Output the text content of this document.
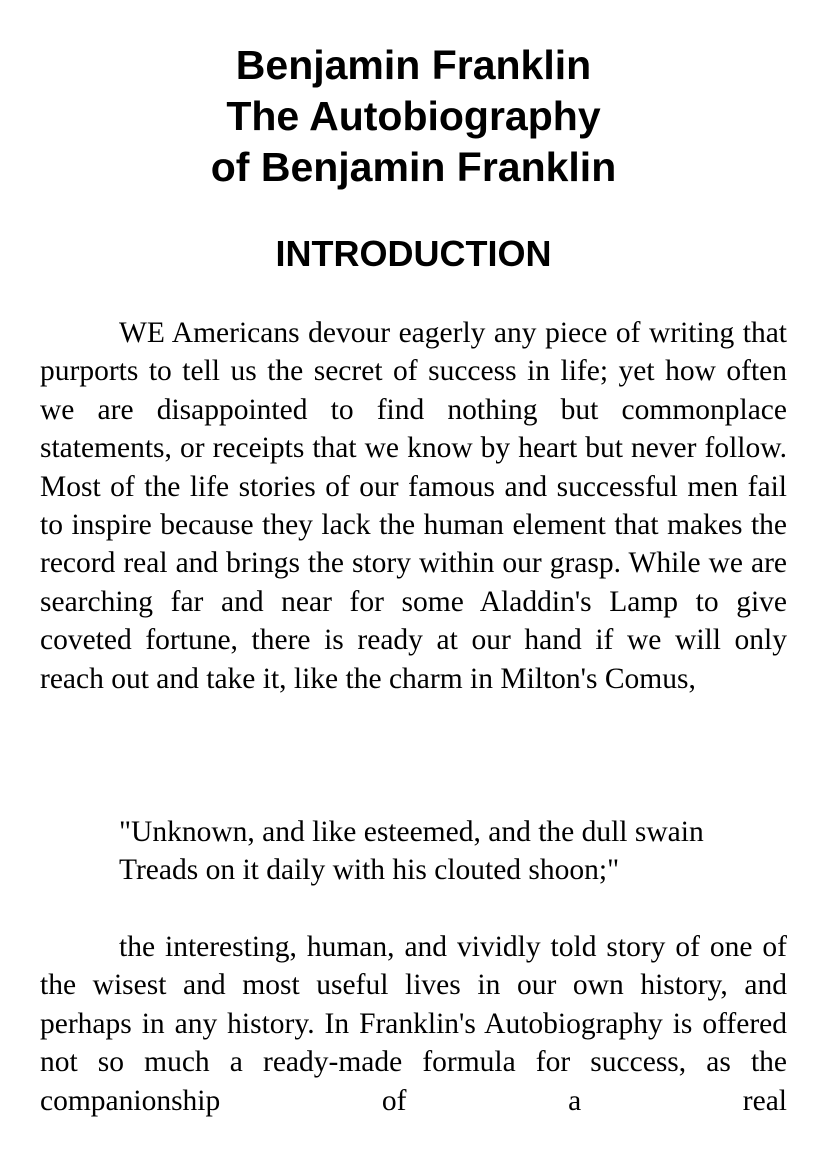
Benjamin Franklin
The Autobiography
of Benjamin Franklin
INTRODUCTION

WE Americans devour eagerly any piece of writing that purports to tell us the secret of success in life; yet how often we are disappointed to find nothing but commonplace statements, or receipts that we know by heart but never follow. Most of the life stories of our famous and successful men fail to inspire because they lack the human element that makes the record real and brings the story within our grasp. While we are searching far and near for some Aladdin's Lamp to give coveted fortune, there is ready at our hand if we will only reach out and take it, like the charm in Milton's Comus,

"Unknown, and like esteemed, and the dull swain
Treads on it daily with his clouted shoon;"

the interesting, human, and vividly told story of one of the wisest and most useful lives in our own history, and perhaps in any history. In Franklin's Autobiography is offered not so much a ready-made formula for success, as the companionship of a real
